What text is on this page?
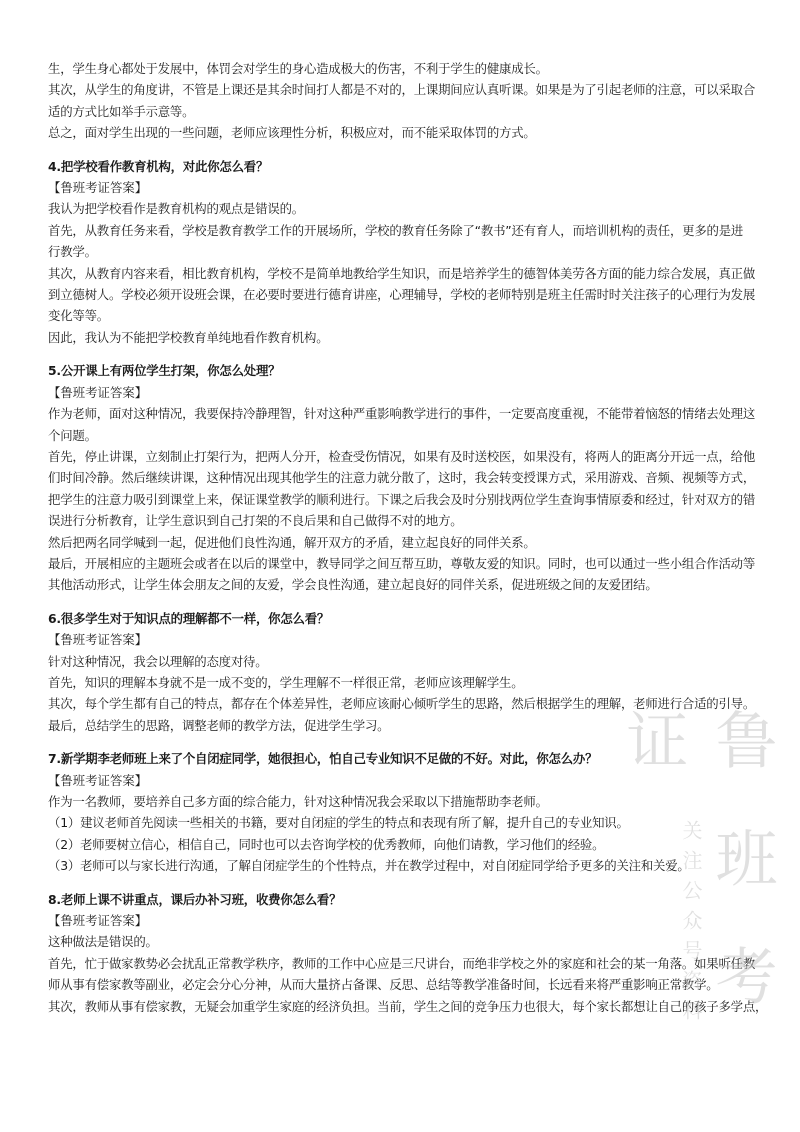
生，学生身心都处于发展中，体罚会对学生的身心造成极大的伤害，不利于学生的健康成长。
其次，从学生的角度讲，不管是上课还是其余时间打人都是不对的，上课期间应认真听课。如果是为了引起老师的注意，可以采取合
适的方式比如举手示意等。
总之，面对学生出现的一些问题，老师应该理性分析，积极应对，而不能采取体罚的方式。
4.把学校看作教育机构，对此你怎么看？
【鲁班考证答案】
我认为把学校看作是教育机构的观点是错误的。
首先，从教育任务来看，学校是教育教学工作的开展场所，学校的教育任务除了“教书”还有育人，而培训机构的责任，更多的是进
行教学。
其次，从教育内容来看，相比教育机构，学校不是简单地教给学生知识，而是培养学生的德智体美劳各方面的能力综合发展，真正做
到立德树人。学校必须开设班会课，在必要时要进行德育讲座，心理辅导，学校的老师特别是班主任需时时关注孩子的心理行为发展
变化等等。
因此，我认为不能把学校教育单纯地看作教育机构。
5.公开课上有两位学生打架，你怎么处理？
【鲁班考证答案】
作为老师，面对这种情况，我要保持冷静理智，针对这种严重影响教学进行的事件，一定要高度重视，不能带着恼怒的情绪去处理这
个问题。
首先，停止讲课，立刻制止打架行为，把两人分开，检查受伤情况，如果有及时送校医，如果没有，将两人的距离分开远一点，给他
们时间冷静。然后继续讲课，这种情况出现其他学生的注意力就分散了，这时，我会转变授课方式，采用游戏、音频、视频等方式，
把学生的注意力吸引到课堂上来，保证课堂教学的顺利进行。下课之后我会及时分别找两位学生查询事情原委和经过，针对双方的错
误进行分析教育，让学生意识到自己打架的不良后果和自己做得不对的地方。
然后把两名同学喊到一起，促进他们良性沟通，解开双方的矛盾，建立起良好的同伴关系。
最后，开展相应的主题班会或者在以后的课堂中，教导同学之间互帮互助，尊敬友爱的知识。同时，也可以通过一些小组合作活动等
其他活动形式，让学生体会朋友之间的友爱，学会良性沟通，建立起良好的同伴关系，促进班级之间的友爱团结。
6.很多学生对于知识点的理解都不一样，你怎么看？
【鲁班考证答案】
针对这种情况，我会以理解的态度对待。
首先，知识的理解本身就不是一成不变的，学生理解不一样很正常，老师应该理解学生。
其次，每个学生都有自己的特点，都存在个体差异性，老师应该耐心倾听学生的思路，然后根据学生的理解，老师进行合适的引导。
最后，总结学生的思路，调整老师的教学方法，促进学生学习。
7.新学期李老师班上来了个自闭症同学，她很担心，怕自己专业知识不足做的不好。对此，你怎么办？
【鲁班考证答案】
作为一名教师，要培养自己多方面的综合能力，针对这种情况我会采取以下措施帮助李老师。
（1）建议老师首先阅读一些相关的书籍，要对自闭症的学生的特点和表现有所了解，提升自己的专业知识。
（2）老师要树立信心，相信自己，同时也可以去咨询学校的优秀教师，向他们请教，学习他们的经验。
（3）老师可以与家长进行沟通，了解自闭症学生的个性特点，并在教学过程中，对自闭症同学给予更多的关注和关爱。
8.老师上课不讲重点，课后办补习班，收费你怎么看？
【鲁班考证答案】
这种做法是错误的。
首先，忙于做家教势必会扰乱正常教学秩序，教师的工作中心应是三尺讲台，而绝非学校之外的家庭和社会的某一角落。如果听任教
师从事有偿家教等副业，必定会分心分神，从而大量挤占备课、反思、总结等教学准备时间，长远看来将严重影响正常教学。
其次，教师从事有偿家教，无疑会加重学生家庭的经济负担。当前，学生之间的竞争压力也很大，每个家长都想让自己的孩子多学点，
鲁班考证
关注公众号资料
